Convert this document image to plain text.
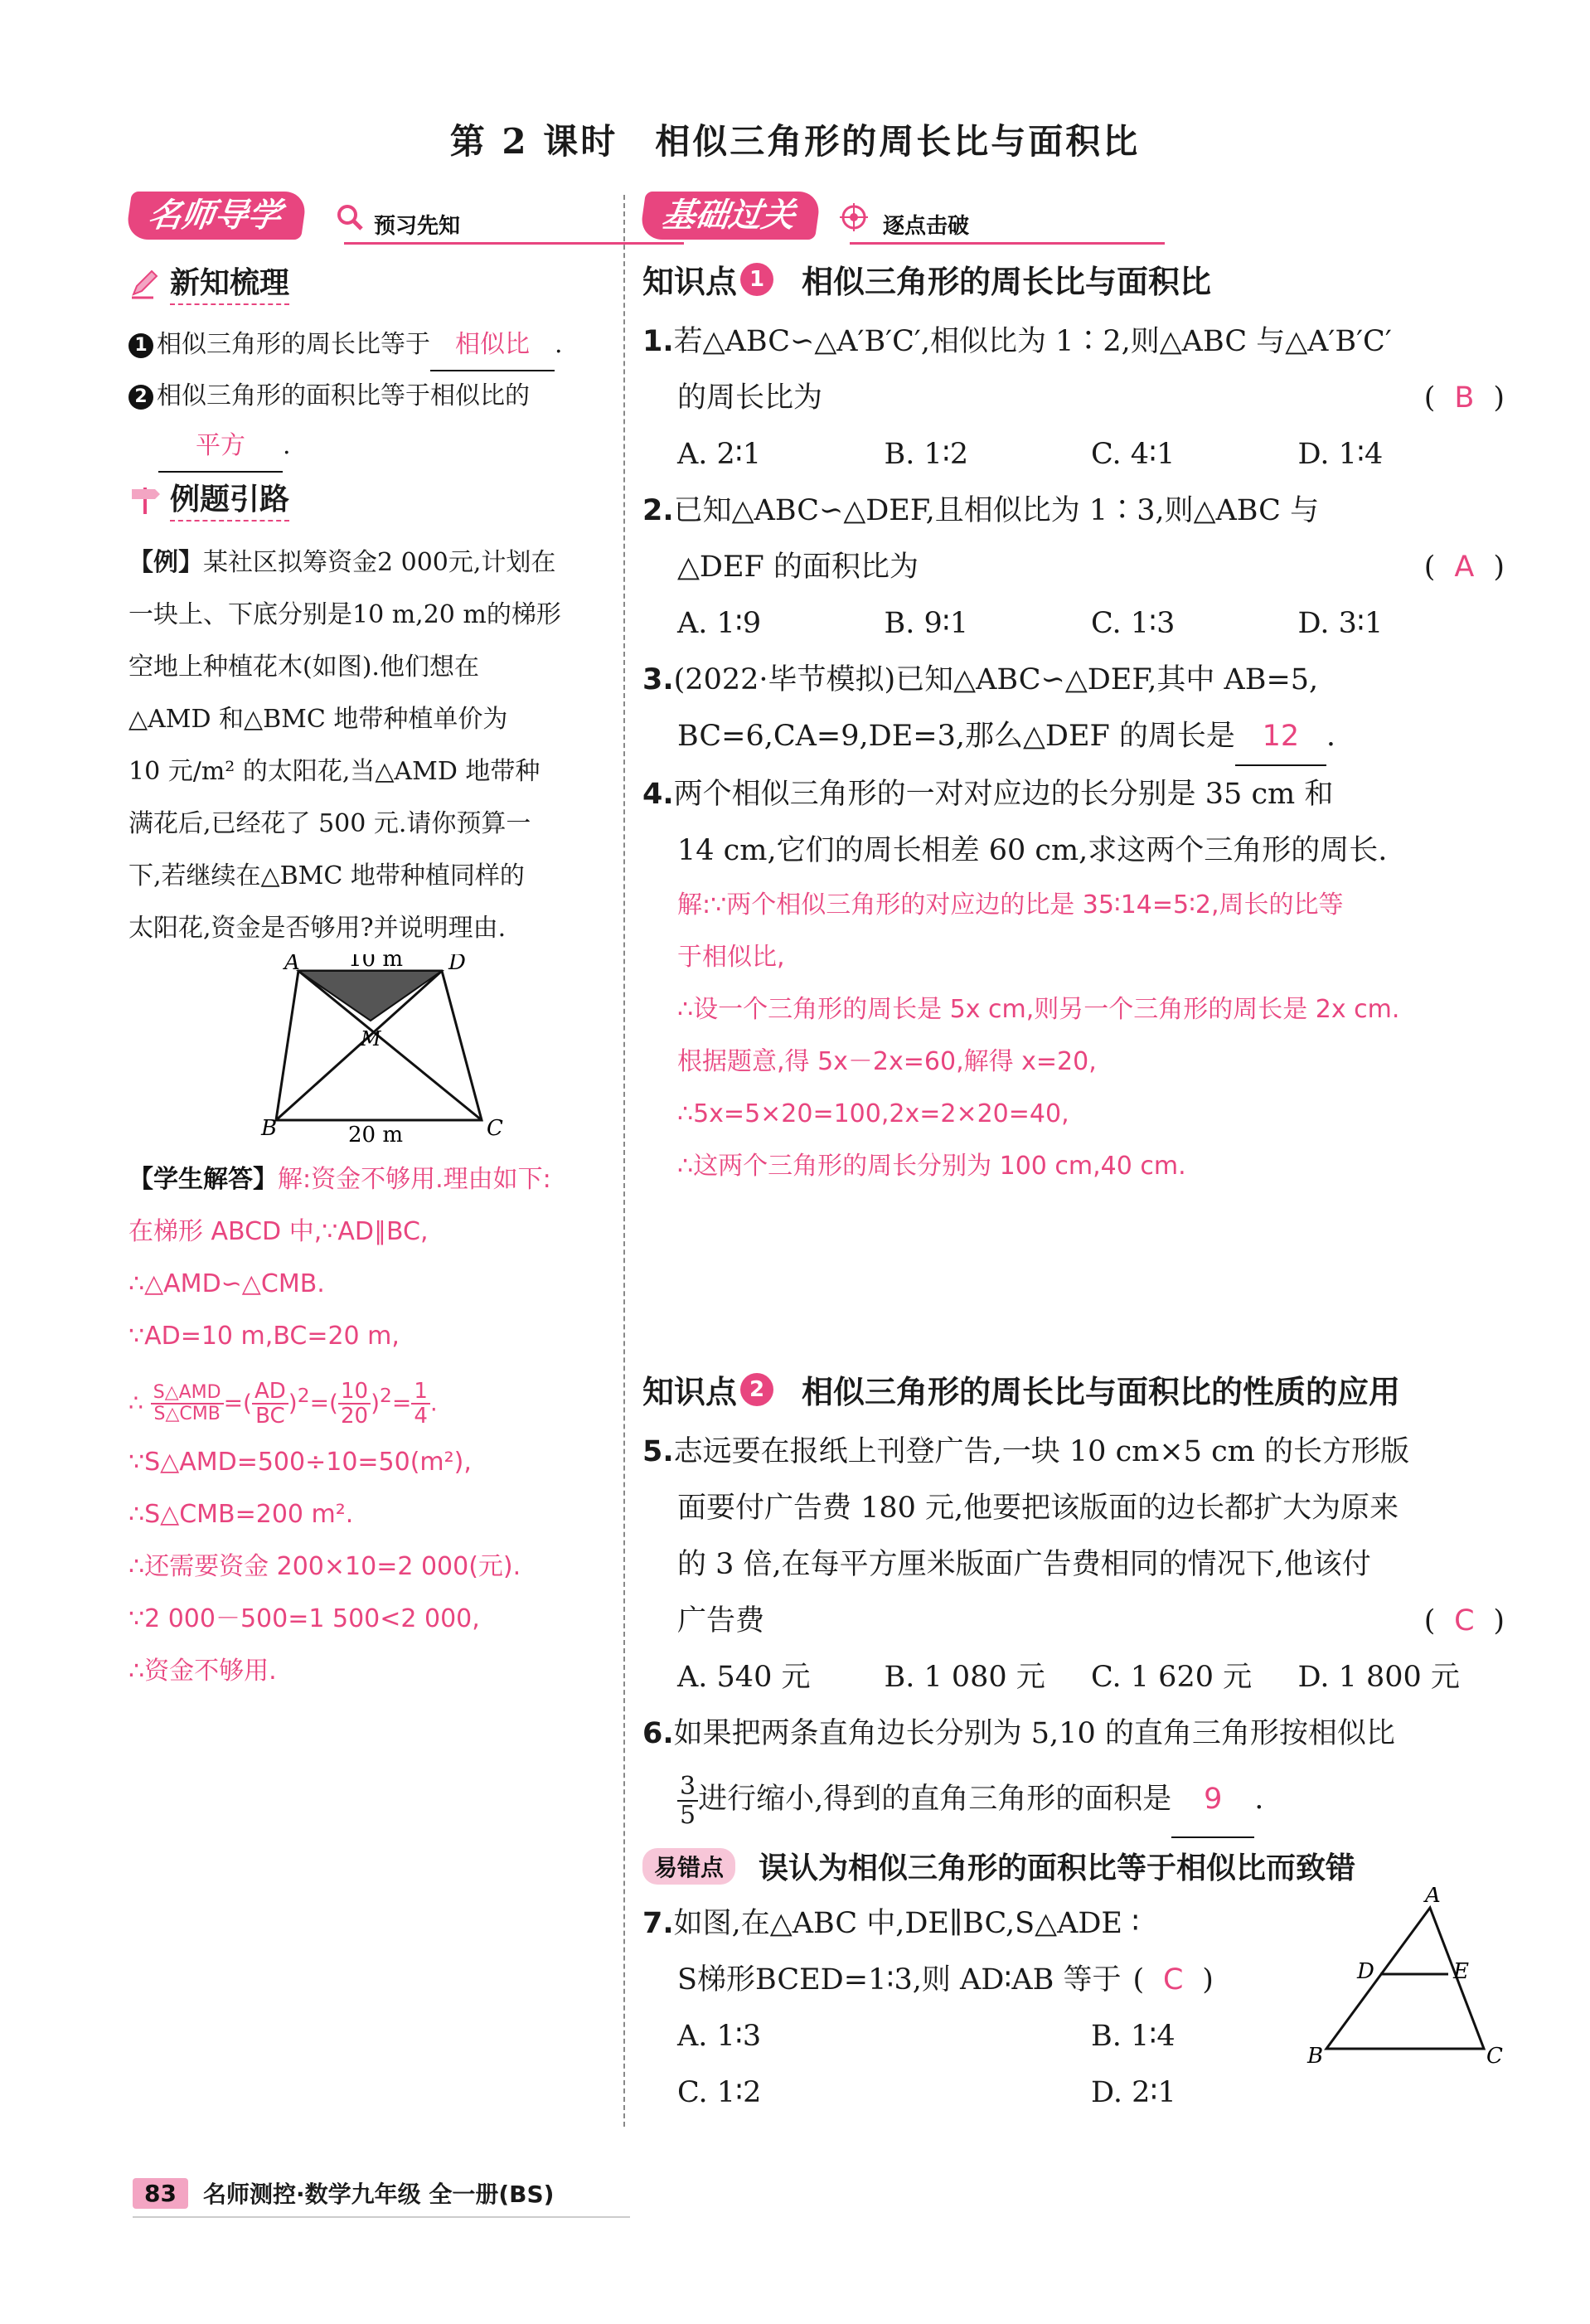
第 2 课时　相似三角形的周长比与面积比
名师导学	预习先知
新知梳理

1 相似三角形的周长比等于 相似比 .

2 相似三角形的面积比等于相似比的

平方 .

例题引路
【例】某社区拟筹资金2 000元,计划在
一块上、下底分别是10 m,20 m的梯形
空地上种植花木(如图).他们想在
△AMD 和△BMC 地带种植单价为
10 元/m² 的太阳花,当△AMD 地带种
满花后,已经花了 500 元.请你预算一
下,若继续在△BMC 地带种植同样的
太阳花,资金是否够用?并说明理由.
A	D
B	C
M
10 m
20 m

【学生解答】解:资金不够用.理由如下:

在梯形 ABCD 中,∵AD∥BC,

∴△AMD∽△CMB.

∵AD=10 m,BC=20 m,

∴ $\frac{\text{S△AMD}}{\text{S△CMB}}$ =( $\frac{AD}{BC} )^2=( \frac{10}{20} )^2= \frac{1}{4}$ .

∵S△AMD=500÷10=50(m²),

∴S△CMB=200 m².

∴还需要资金 200×10=2 000(元).

∵2 000－500=1 500<2 000,

∴资金不够用.

基础过关	逐点击破
知识点 1 相似三角形的周长比与面积比

1.若△ABC∽△A′B′C′,相似比为 1∶2,则△ABC 与△A′B′C′

的周长比为	( B )

A. 2∶1	B. 1∶2	C. 4∶1	D. 1∶4

2.已知△ABC∽△DEF,且相似比为 1∶3,则△ABC 与

△DEF 的面积比为	( A )

A. 1∶9	B. 9∶1	C. 1∶3	D. 3∶1

3.(2022·毕节模拟)已知△ABC∽△DEF,其中 AB=5,

BC=6,CA=9,DE=3,那么△DEF 的周长是 12 .

4.两个相似三角形的一对对应边的长分别是 35 cm 和

14 cm,它们的周长相差 60 cm,求这两个三角形的周长.

解:∵两个相似三角形的对应边的比是 35∶14=5∶2,周长的比等

于相似比,

∴设一个三角形的周长是 5x cm,则另一个三角形的周长是 2x cm.

根据题意,得 5x－2x=60,解得 x=20,

∴5x=5×20=100,2x=2×20=40,

∴这两个三角形的周长分别为 100 cm,40 cm.

知识点 2 相似三角形的周长比与面积比的性质的应用

5.志远要在报纸上刊登广告,一块 10 cm×5 cm 的长方形版

面要付广告费 180 元,他要把该版面的边长都扩大为原来

的 3 倍,在每平方厘米版面广告费相同的情况下,他该付

广告费	( C )

A. 540 元	B. 1 080 元	C. 1 620 元	D. 1 800 元

6.如果把两条直角边长分别为 5,10 的直角三角形按相似比

$\frac{3}{5}$ 进行缩小,得到的直角三角形的面积是 9 .

易错点	误认为相似三角形的面积比等于相似比而致错

7.如图,在△ABC 中,DE∥BC,S△ADE ∶

S梯形BCED=1∶3,则 AD∶AB 等于 ( C )

A. 1∶3	B. 1∶4
C. 1∶2	D. 2∶1
A
D	E
B	C
83	名师测控·数学九年级 全一册(BS)
